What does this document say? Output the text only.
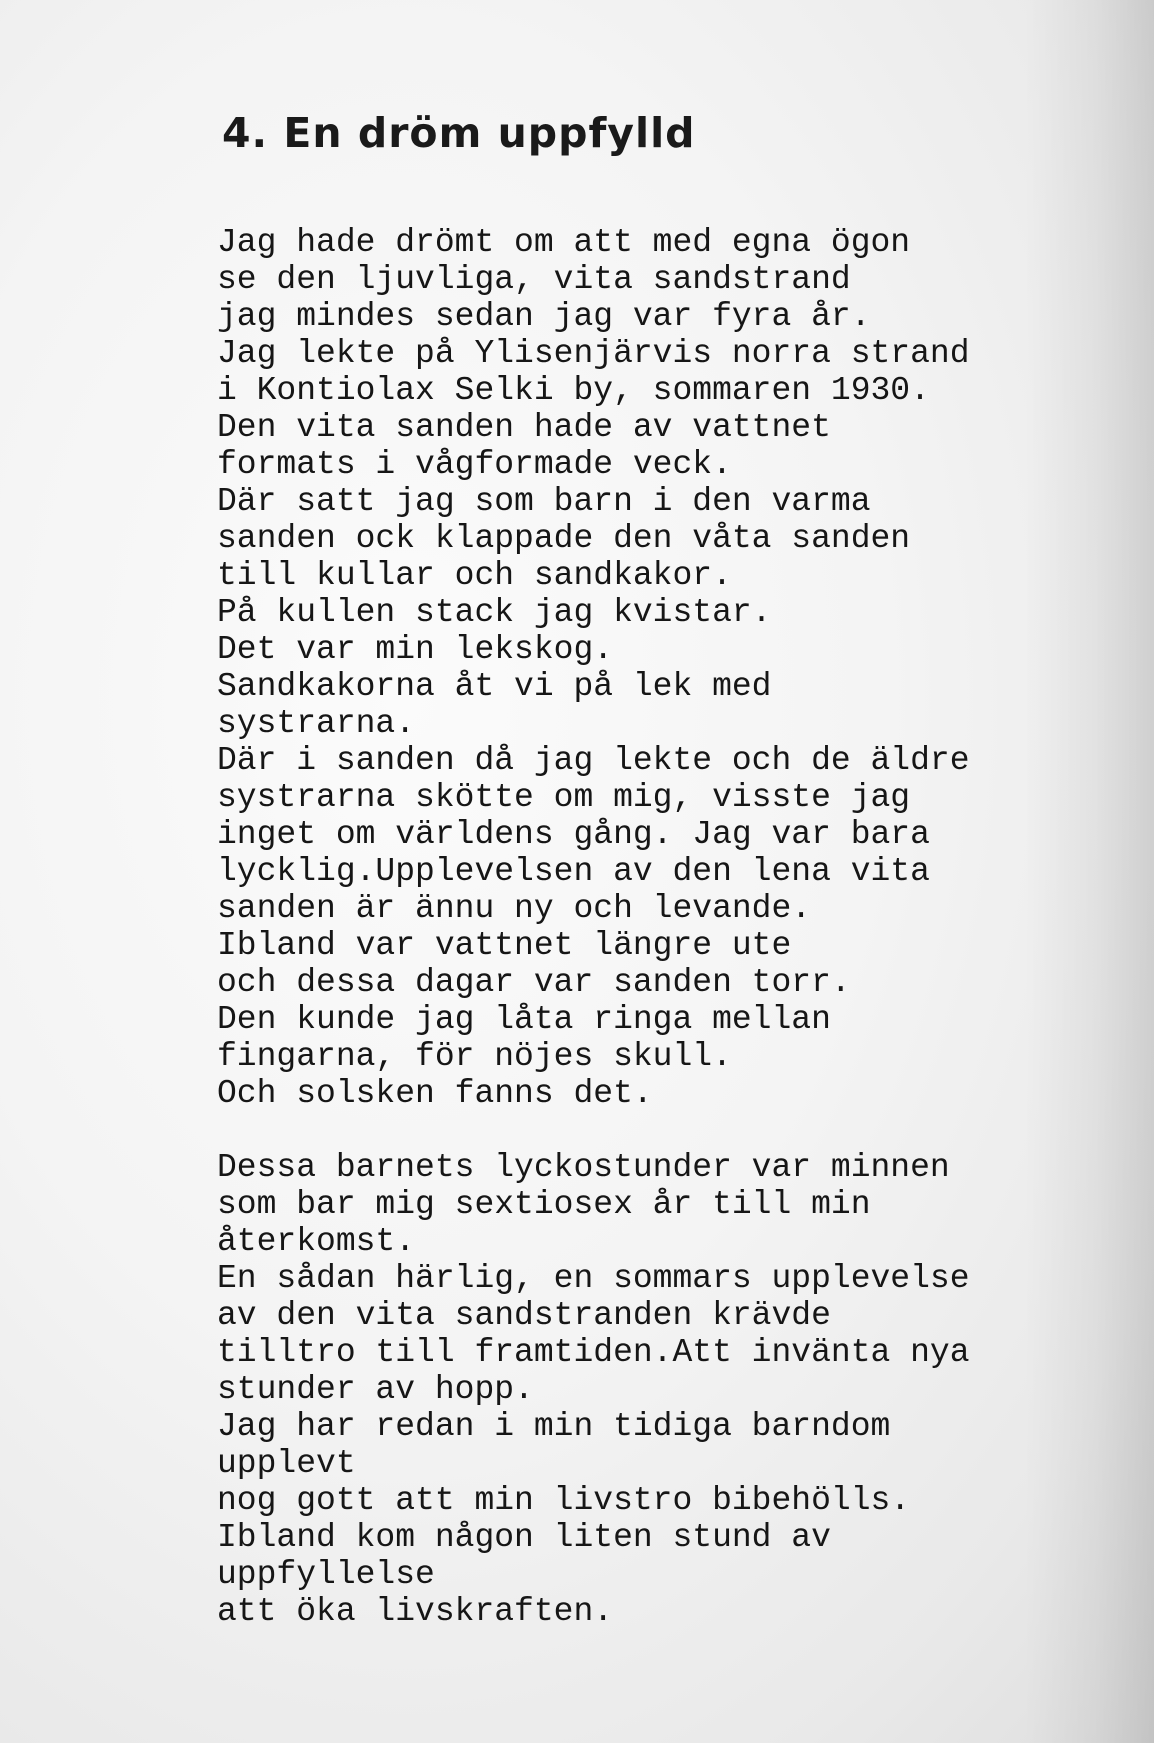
4. En dröm uppfylld

Jag hade drömt om att med egna ögon
se den ljuvliga, vita sandstrand
jag mindes sedan jag var fyra år.
Jag lekte på Ylisenjärvis norra strand
i Kontiolax Selki by, sommaren 1930.
Den vita sanden hade av vattnet
formats i vågformade veck.
Där satt jag som barn i den varma
sanden ock klappade den våta sanden
till kullar och sandkakor.
På kullen stack jag kvistar.
Det var min lekskog.
Sandkakorna åt vi på lek med
systrarna.
Där i sanden då jag lekte och de äldre
systrarna skötte om mig, visste jag
inget om världens gång. Jag var bara
lycklig.Upplevelsen av den lena vita
sanden är ännu ny och levande.
Ibland var vattnet längre ute
och dessa dagar var sanden torr.
Den kunde jag låta ringa mellan
fingarna, för nöjes skull.
Och solsken fanns det.

Dessa barnets lyckostunder var minnen
som bar mig sextiosex år till min
återkomst.
En sådan härlig, en sommars upplevelse
av den vita sandstranden krävde
tilltro till framtiden.Att invänta nya
stunder av hopp.
Jag har redan i min tidiga barndom
upplevt
nog gott att min livstro bibehölls.
Ibland kom någon liten stund av
uppfyllelse
att öka livskraften.
